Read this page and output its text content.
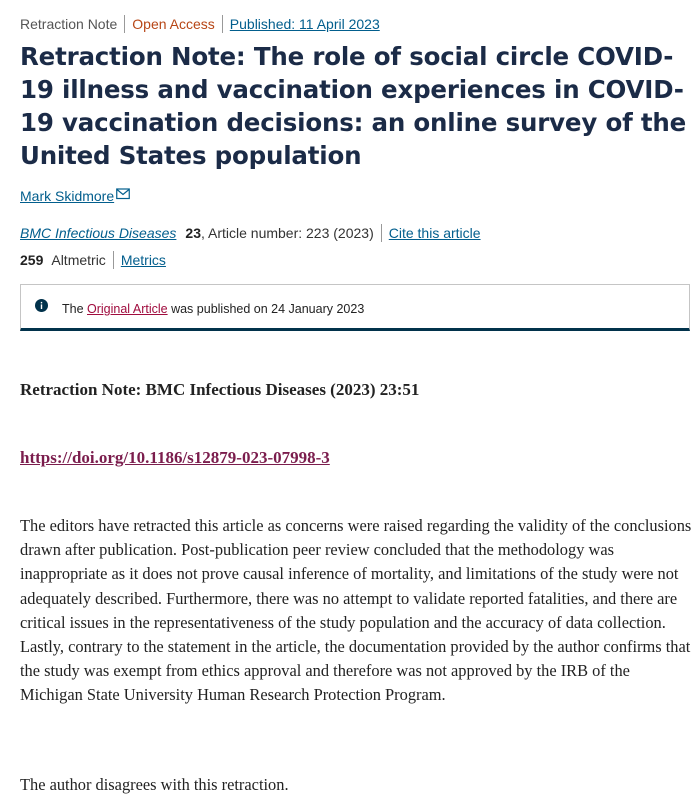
Retraction Note Open Access Published: 11 April 2023
Retraction Note: The role of social circle COVID-19 illness and vaccination experiences in COVID-19 vaccination decisions: an online survey of the United States population
Mark Skidmore
BMC Infectious Diseases 23 , Article number: 223 (2023) Cite this article
259 Altmetric Metrics
The Original Article was published on 24 January 2023
Retraction Note: BMC Infectious Diseases (2023) 23:51
https://doi.org/10.1186/s12879-023-07998-3

The editors have retracted this article as concerns were raised regarding the validity of the conclusions drawn after publication. Post-publication peer review concluded that the methodology was inappropriate as it does not prove causal inference of mortality, and limitations of the study were not adequately described. Furthermore, there was no attempt to validate reported fatalities, and there are critical issues in the representativeness of the study population and the accuracy of data collection. Lastly, contrary to the statement in the article, the documentation provided by the author confirms that the study was exempt from ethics approval and therefore was not approved by the IRB of the Michigan State University Human Research Protection Program.

The author disagrees with this retraction.
